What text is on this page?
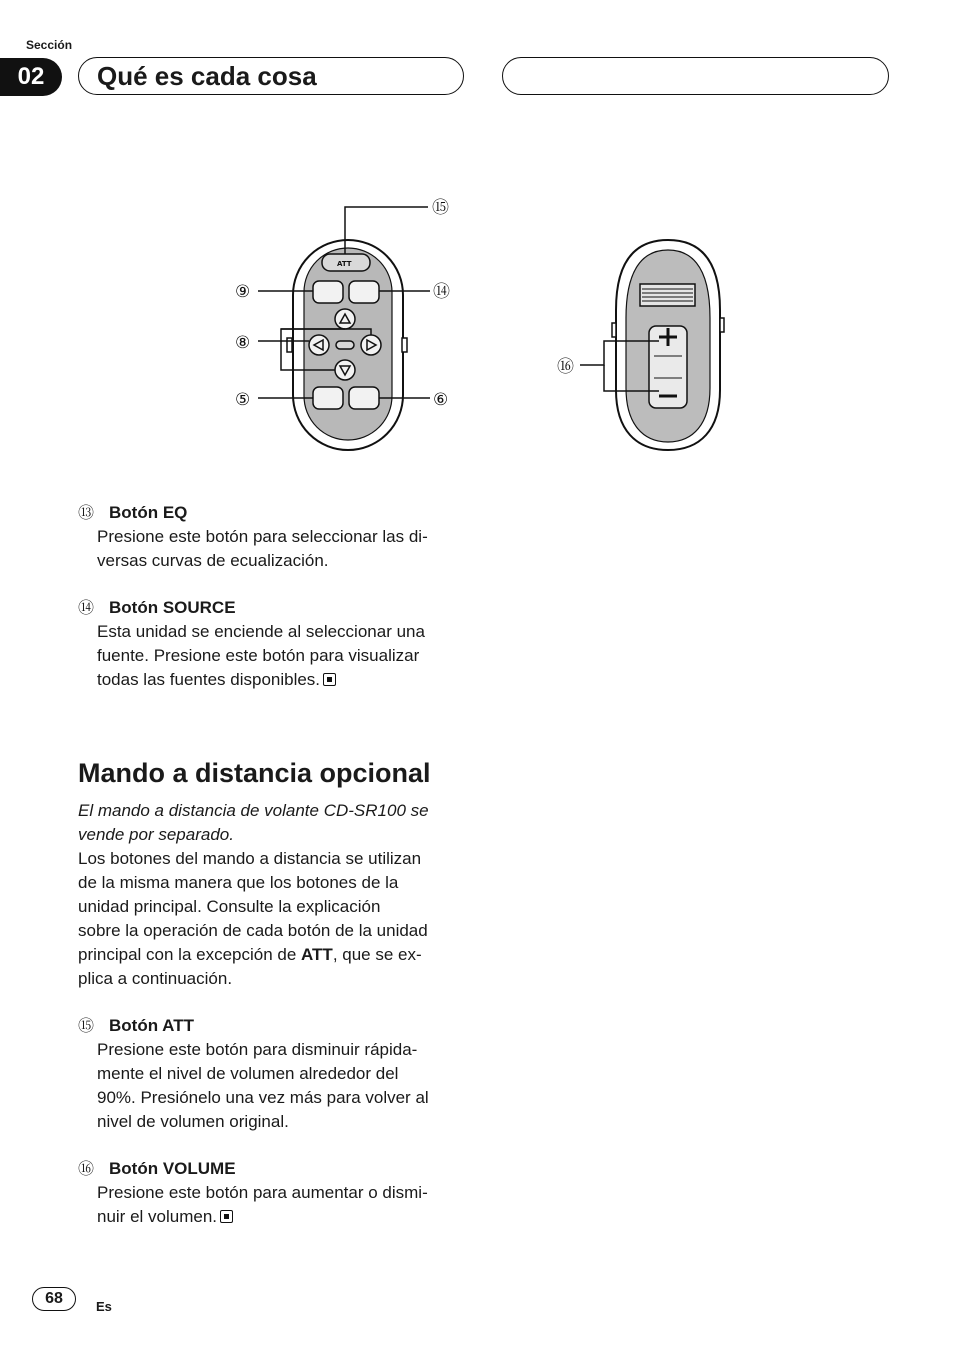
Sección
02	Qué es cada cosa
⑮
⑨	⑭
⑧
⑤	⑥
⑯
ATT
⑬ Botón EQ
Presione este botón para seleccionar las di-
versas curvas de ecualización.
⑭ Botón SOURCE
Esta unidad se enciende al seleccionar una
fuente. Presione este botón para visualizar
todas las fuentes disponibles.
Mando a distancia opcional
El mando a distancia de volante CD-SR100 se
vende por separado.
Los botones del mando a distancia se utilizan
de la misma manera que los botones de la
unidad principal. Consulte la explicación
sobre la operación de cada botón de la unidad
principal con la excepción de ATT, que se ex-
plica a continuación.
⑮ Botón ATT
Presione este botón para disminuir rápida-
mente el nivel de volumen alrededor del
90%. Presiónelo una vez más para volver al
nivel de volumen original.
⑯ Botón VOLUME
Presione este botón para aumentar o dismi-
nuir el volumen.
68	Es
